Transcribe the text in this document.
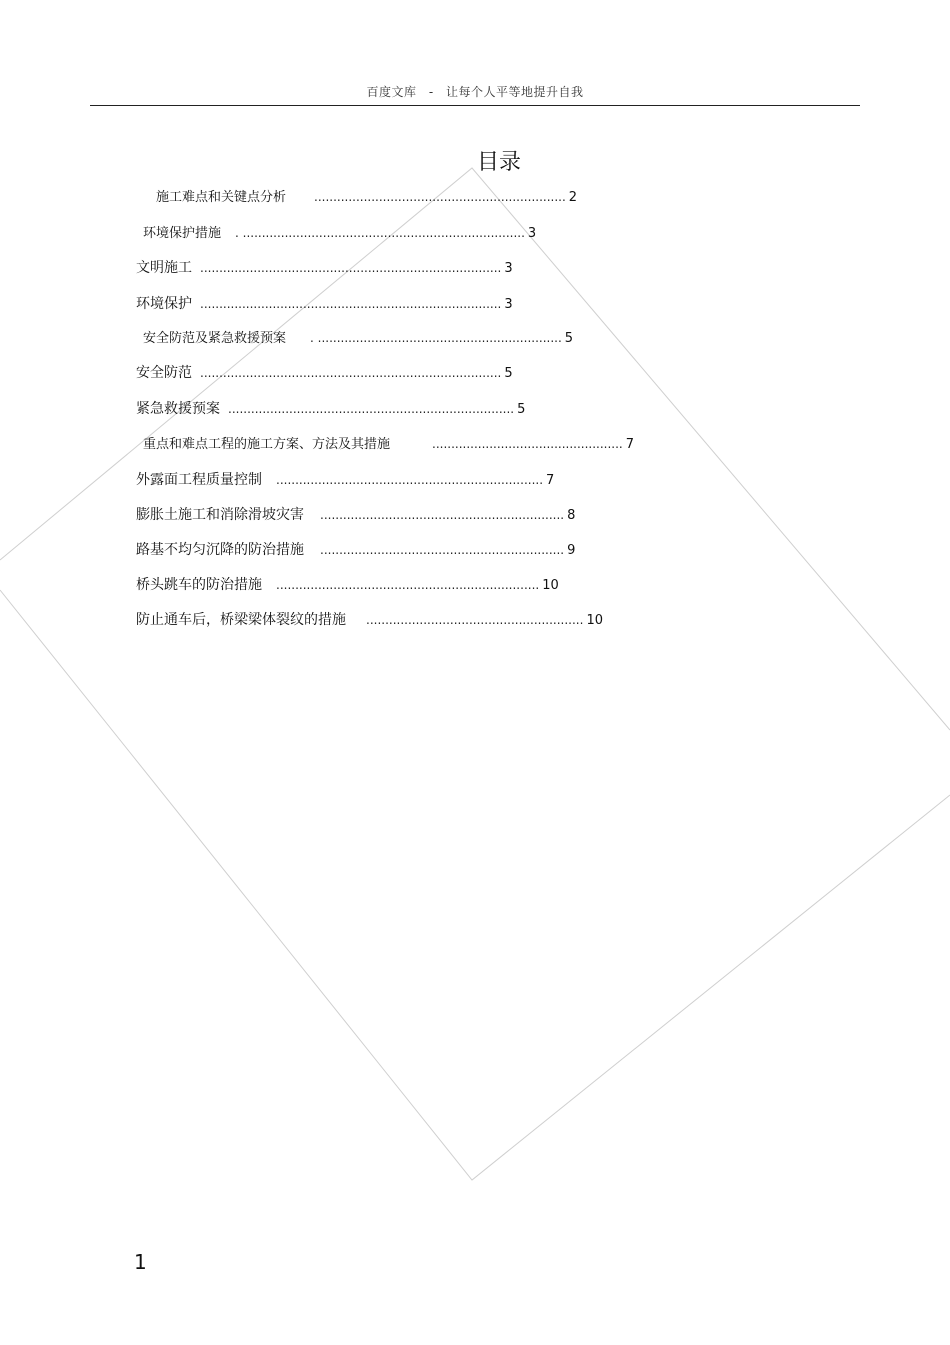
百度文库 - 让每个人平等地提升自我
目录
施工难点和关键点分析 .................................................................. 2
环境保护措施 . .......................................................................... 3
文明施工 ............................................................................... 3
环境保护 ............................................................................... 3
安全防范及紧急救援预案 . ................................................................ 5
安全防范 ............................................................................... 5
紧急救援预案 ........................................................................... 5
重点和难点工程的施工方案、方法及其措施	.................................................. 7
外露面工程质量控制 ...................................................................... 7
膨胀土施工和消除滑坡灾害 ................................................................ 8
路基不均匀沉降的防治措施 ................................................................ 9
桥头跳车的防治措施 ..................................................................... 10
防止通车后，桥梁梁体裂纹的措施 ......................................................... 10
1
